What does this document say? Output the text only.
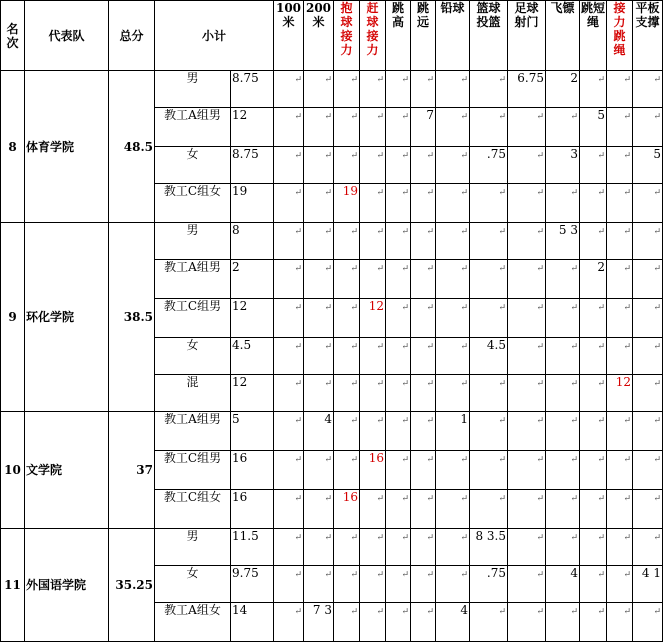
名次	代表队	总分	小计		100米	200米	抱球接力	赶球接力	跳高	跳远	铅球	篮球投篮	足球射门	飞镖	跳短绳	接力跳绳	平板支撑
8	体育学院	48.5	男	8.75	↵	↵	↵	↵	↵	↵	↵	↵	6.75	2	↵	↵	↵
			教工A组男	12	↵	↵	↵	↵	↵	7	↵	↵	↵	↵	5	↵	↵
			女	8.75	↵	↵	↵	↵	↵	↵	↵	.75	↵	3	↵	↵	5
			教工C组女	19	↵	↵	19	↵	↵	↵	↵	↵	↵	↵	↵	↵	↵
9	环化学院	38.5	男	8	↵	↵	↵	↵	↵	↵	↵	↵	↵	5 3	↵	↵	↵
			教工A组男	2	↵	↵	↵	↵	↵	↵	↵	↵	↵	↵	2	↵	↵
			教工C组男	12	↵	↵	↵	12	↵	↵	↵	↵	↵	↵	↵	↵	↵
			女	4.5	↵	↵	↵	↵	↵	↵	↵	4.5	↵	↵	↵	↵	↵
			混	12	↵	↵	↵	↵	↵	↵	↵	↵	↵	↵	↵	12	↵
10	文学院	37	教工A组男	5	↵	4	↵	↵	↵	↵	1	↵	↵	↵	↵	↵	↵
			教工C组男	16	↵	↵	↵	16	↵	↵	↵	↵	↵	↵	↵	↵	↵
			教工C组女	16	↵	↵	16	↵	↵	↵	↵	↵	↵	↵	↵	↵	↵
11	外国语学院	35.25	男	11.5	↵	↵	↵	↵	↵	↵	↵	8 3.5	↵	↵	↵	↵	↵
			女	9.75	↵	↵	↵	↵	↵	↵	↵	.75	↵	4	↵	↵	4 1
			教工A组女	14	↵	7 3	↵	↵	↵	↵	4	↵	↵	↵	↵	↵	↵
